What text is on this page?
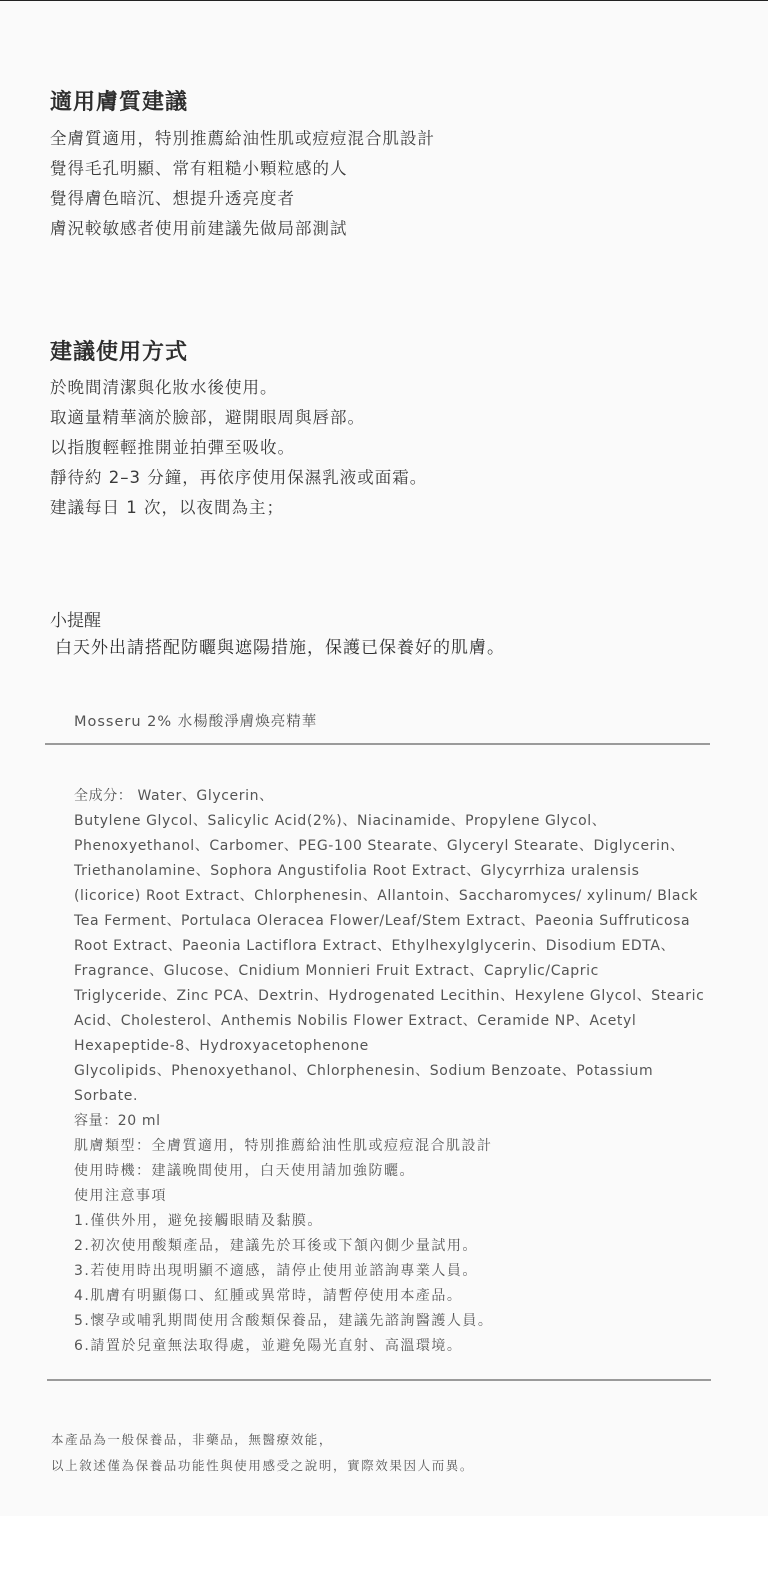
適用膚質建議
全膚質適用，特別推薦給油性肌或痘痘混合肌設計
覺得毛孔明顯、常有粗糙小顆粒感的人
覺得膚色暗沉、想提升透亮度者
膚況較敏感者使用前建議先做局部測試
建議使用方式
於晚間清潔與化妝水後使用。
取適量精華滴於臉部，避開眼周與唇部。
以指腹輕輕推開並拍彈至吸收。
靜待約 2–3 分鐘，再依序使用保濕乳液或面霜。
建議每日 1 次，以夜間為主；
小提醒
白天外出請搭配防曬與遮陽措施，保護已保養好的肌膚。
Mosseru 2% 水楊酸淨膚煥亮精華
全成分： Water、Glycerin、
Butylene Glycol、Salicylic Acid(2%)、Niacinamide、Propylene Glycol、
Phenoxyethanol、Carbomer、PEG-100 Stearate、Glyceryl Stearate、Diglycerin、
Triethanolamine、Sophora Angustifolia Root Extract、Glycyrrhiza uralensis
(licorice) Root Extract、Chlorphenesin、Allantoin、Saccharomyces/ xylinum/ Black
Tea Ferment、Portulaca Oleracea Flower/Leaf/Stem Extract、Paeonia Suffruticosa
Root Extract、Paeonia Lactiflora Extract、Ethylhexylglycerin、Disodium EDTA、
Fragrance、Glucose、Cnidium Monnieri Fruit Extract、Caprylic/Capric
Triglyceride、Zinc PCA、Dextrin、Hydrogenated Lecithin、Hexylene Glycol、Stearic
Acid、Cholesterol、Anthemis Nobilis Flower Extract、Ceramide NP、Acetyl
Hexapeptide-8、Hydroxyacetophenone
Glycolipids、Phenoxyethanol、Chlorphenesin、Sodium Benzoate、Potassium
Sorbate.
容量：20 ml
肌膚類型：全膚質適用，特別推薦給油性肌或痘痘混合肌設計
使用時機：建議晚間使用，白天使用請加強防曬。
使用注意事項
1.僅供外用，避免接觸眼睛及黏膜。
2.初次使用酸類產品，建議先於耳後或下頷內側少量試用。
3.若使用時出現明顯不適感，請停止使用並諮詢專業人員。
4.肌膚有明顯傷口、紅腫或異常時，請暫停使用本產品。
5.懷孕或哺乳期間使用含酸類保養品，建議先諮詢醫護人員。
6.請置於兒童無法取得處，並避免陽光直射、高溫環境。
本產品為一般保養品，非藥品，無醫療效能，
以上敘述僅為保養品功能性與使用感受之說明，實際效果因人而異。
